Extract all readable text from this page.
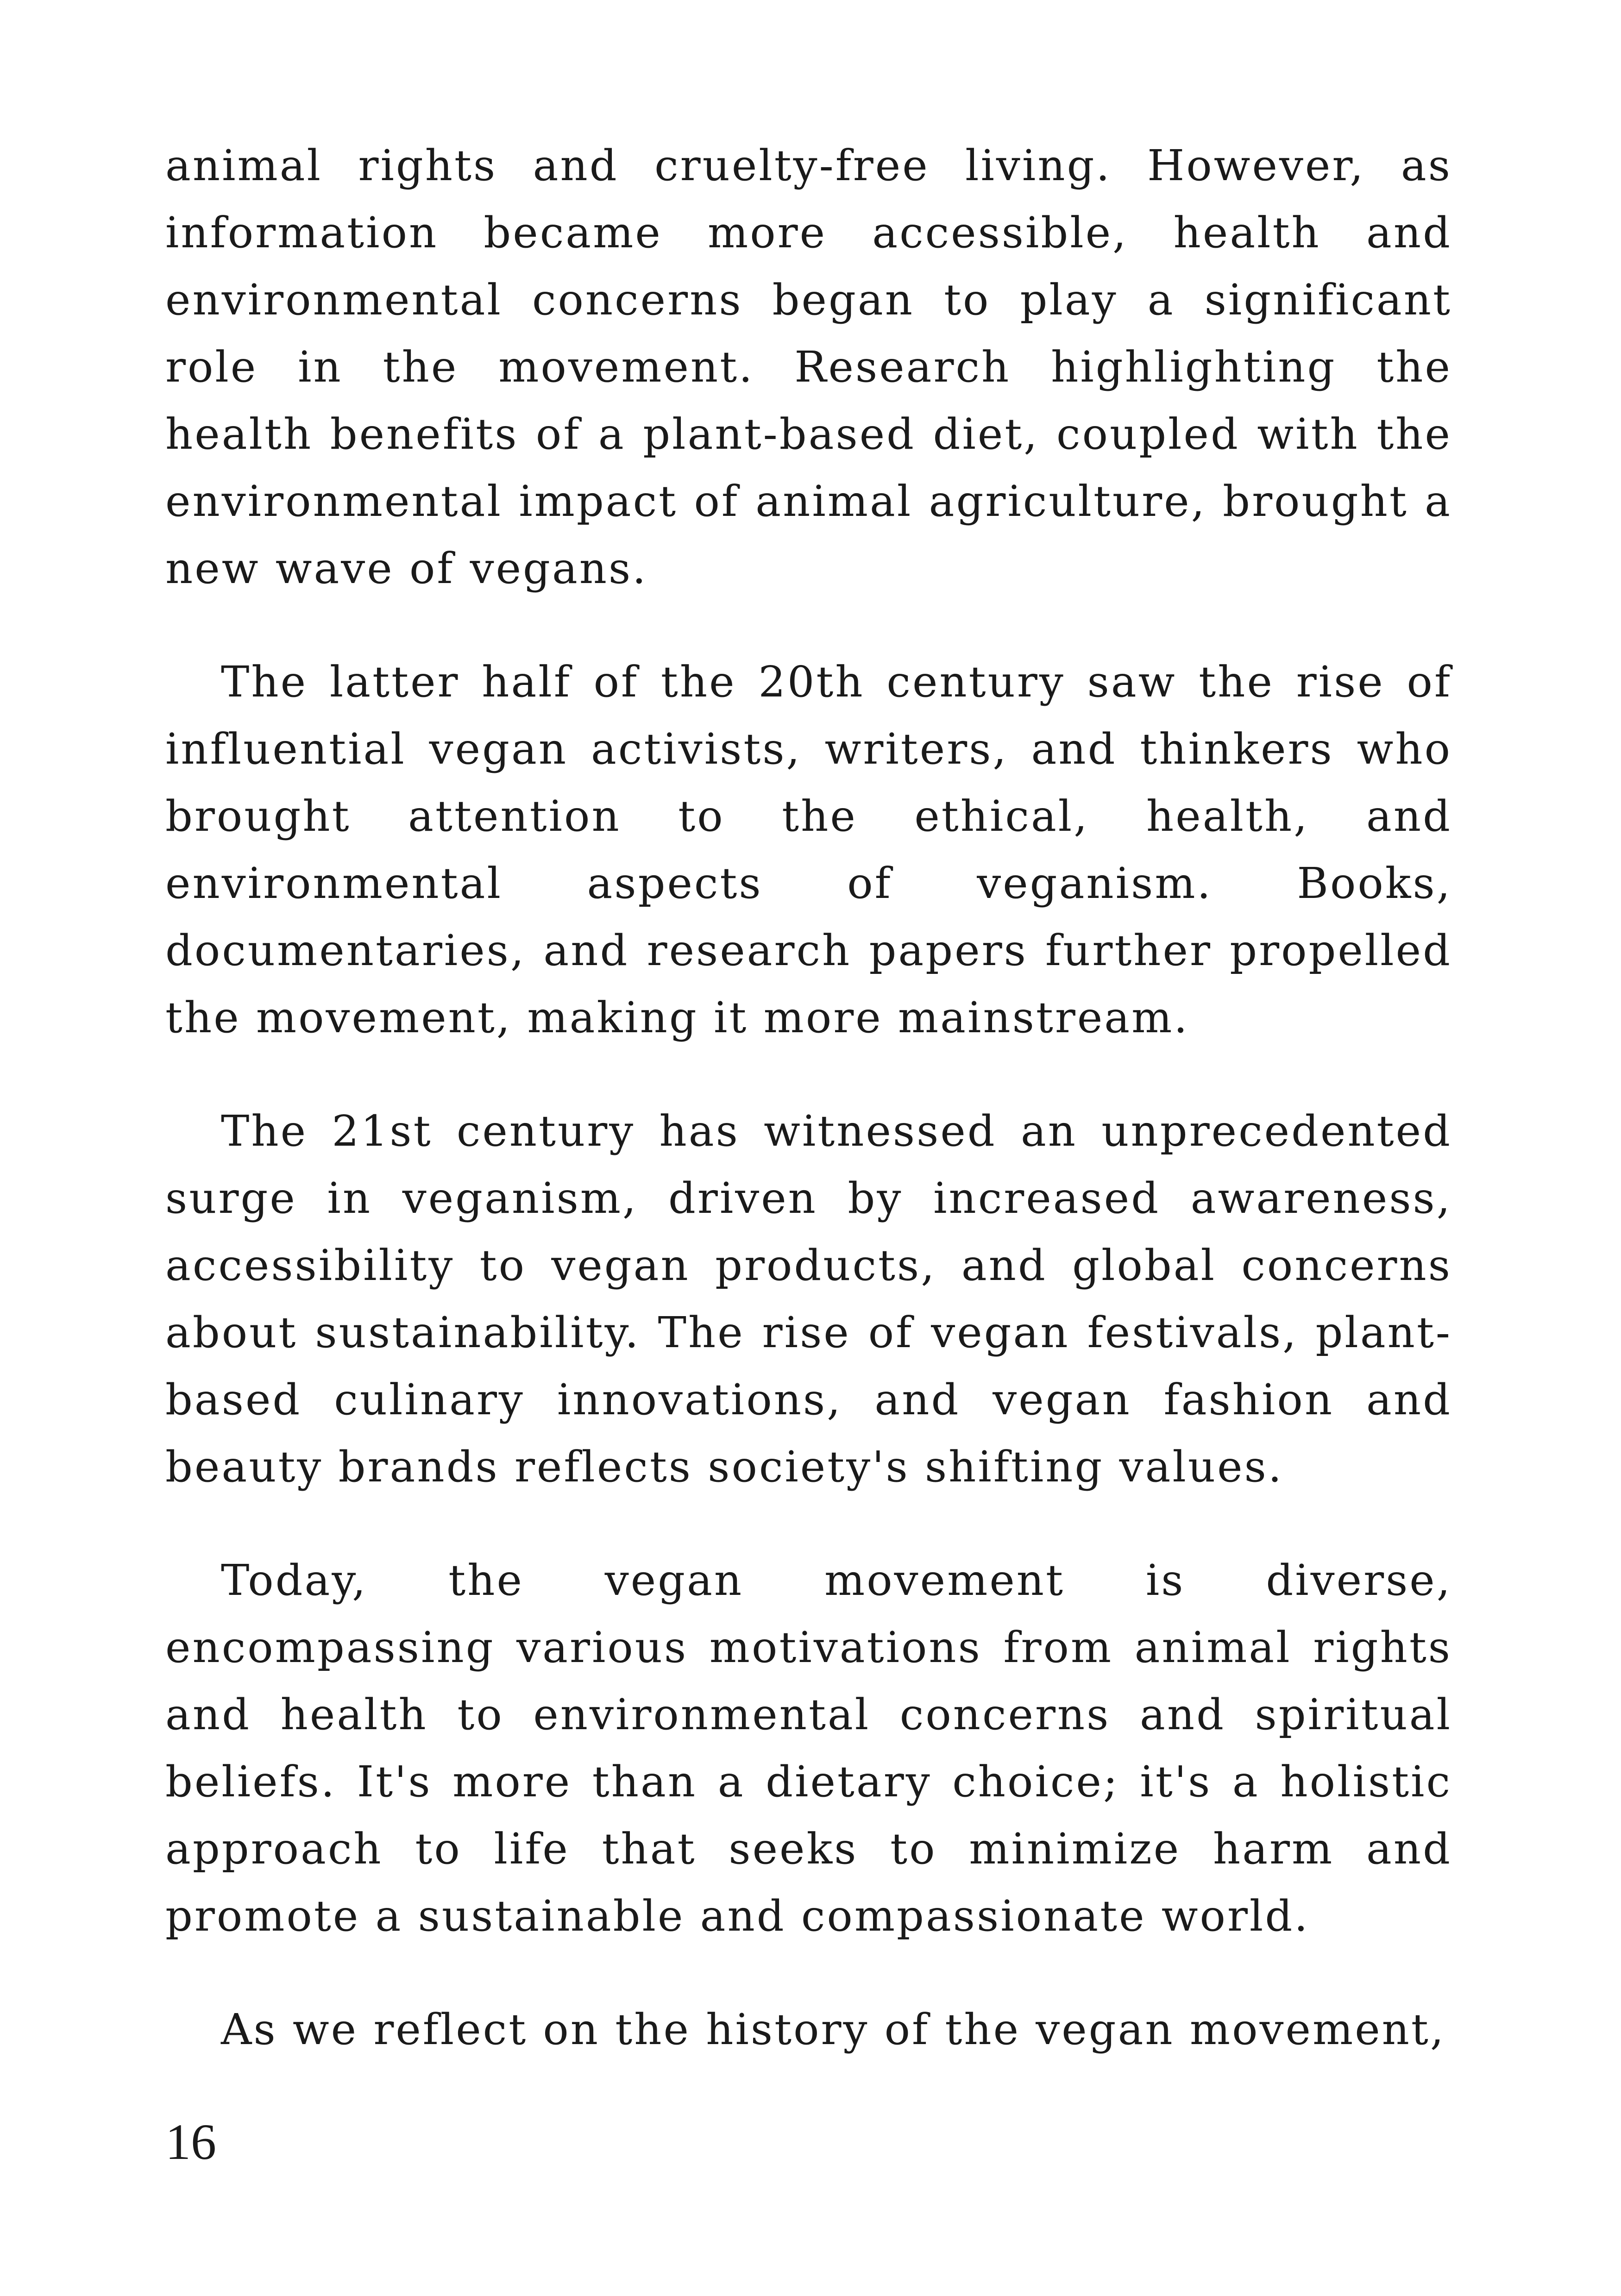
animal rights and cruelty-free living. However, as information became more accessible, health and environmental concerns began to play a significant role in the movement. Research highlighting the health benefits of a plant-based diet, coupled with the environmental impact of animal agriculture, brought a new wave of vegans.

The latter half of the 20th century saw the rise of influential vegan activists, writers, and thinkers who brought attention to the ethical, health, and environmental aspects of veganism. Books, documentaries, and research papers further propelled the movement, making it more mainstream.

The 21st century has witnessed an unprecedented surge in veganism, driven by increased awareness, accessibility to vegan products, and global concerns about sustainability. The rise of vegan festivals, plant-based culinary innovations, and vegan fashion and beauty brands reflects society's shifting values.

Today, the vegan movement is diverse, encompassing various motivations from animal rights and health to environmental concerns and spiritual beliefs. It's more than a dietary choice; it's a holistic approach to life that seeks to minimize harm and promote a sustainable and compassionate world.

As we reflect on the history of the vegan movement,

16
